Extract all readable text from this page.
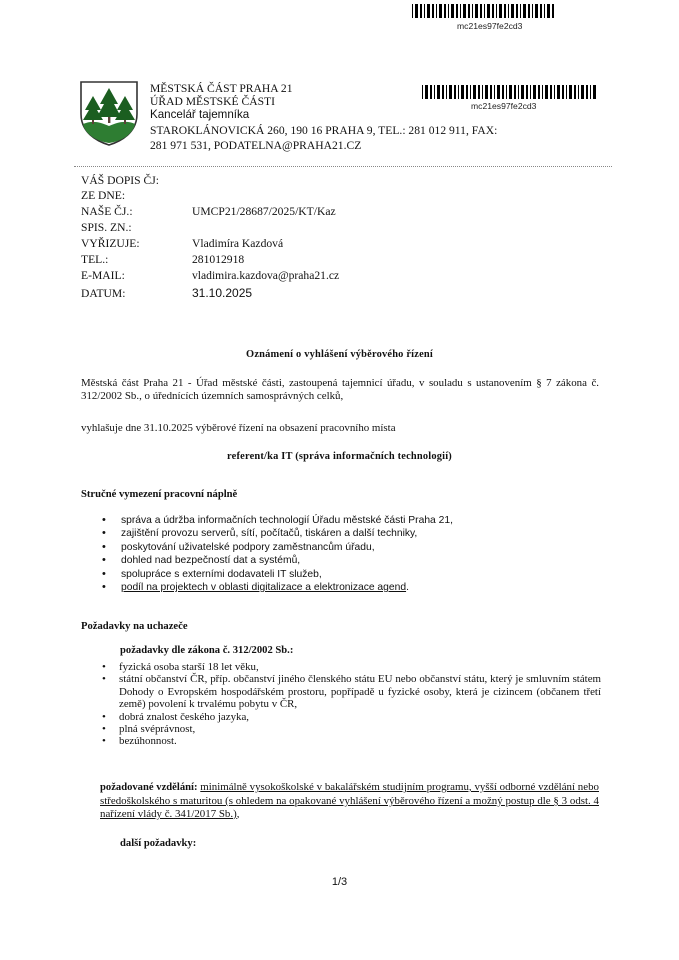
mc21es97fe2cd3
MĚSTSKÁ ČÁST PRAHA 21
ÚŘAD MĚSTSKÉ ČÁSTI
Kancelář tajemníka
STAROKLÁNOVICKÁ 260, 190 16 PRAHA 9, TEL.: 281 012 911, FAX:
281 971 531, PODATELNA@PRAHA21.CZ
mc21es97fe2cd3
VÁŠ DOPIS ČJ:
ZE DNE:
NAŠE ČJ.:	UMCP21/28687/2025/KT/Kaz
SPIS. ZN.:
VYŘIZUJE:	Vladimíra Kazdová
TEL.:	281012918
E-MAIL:	vladimira.kazdova@praha21.cz
DATUM:	31.10.2025
Oznámení o vyhlášení výběrového řízení
Městská část Praha 21 - Úřad městské části, zastoupená tajemnicí úřadu, v souladu s ustanovením § 7 zákona č. 312/2002 Sb., o úřednících územních samosprávných celků,
vyhlašuje dne 31.10.2025 výběrové řízení na obsazení pracovního místa
referent/ka IT (správa informačních technologií)
Stručné vymezení pracovní náplně
• správa a údržba informačních technologií Úřadu městské části Praha 21,
• zajištění provozu serverů, sítí, počítačů, tiskáren a další techniky,
• poskytování uživatelské podpory zaměstnancům úřadu,
• dohled nad bezpečností dat a systémů,
• spolupráce s externími dodavateli IT služeb,
• podíl na projektech v oblasti digitalizace a elektronizace agend.
Požadavky na uchazeče
požadavky dle zákona č. 312/2002 Sb.:
• fyzická osoba starší 18 let věku,
• státní občanství ČR, příp. občanství jiného členského státu EU nebo občanství státu, který je smluvním státem Dohody o Evropském hospodářském prostoru, popřípadě u fyzické osoby, která je cizincem (občanem třetí země) povolení k trvalému pobytu v ČR,
• dobrá znalost českého jazyka,
• plná svéprávnost,
• bezúhonnost.
požadované vzdělání: minimálně vysokoškolské v bakalářském studijním programu, vyšší odborné vzdělání nebo středoškolského s maturitou (s ohledem na opakované vyhlášení výběrového řízení a možný postup dle § 3 odst. 4 nařízení vlády č. 341/2017 Sb.),
další požadavky:
1/3
